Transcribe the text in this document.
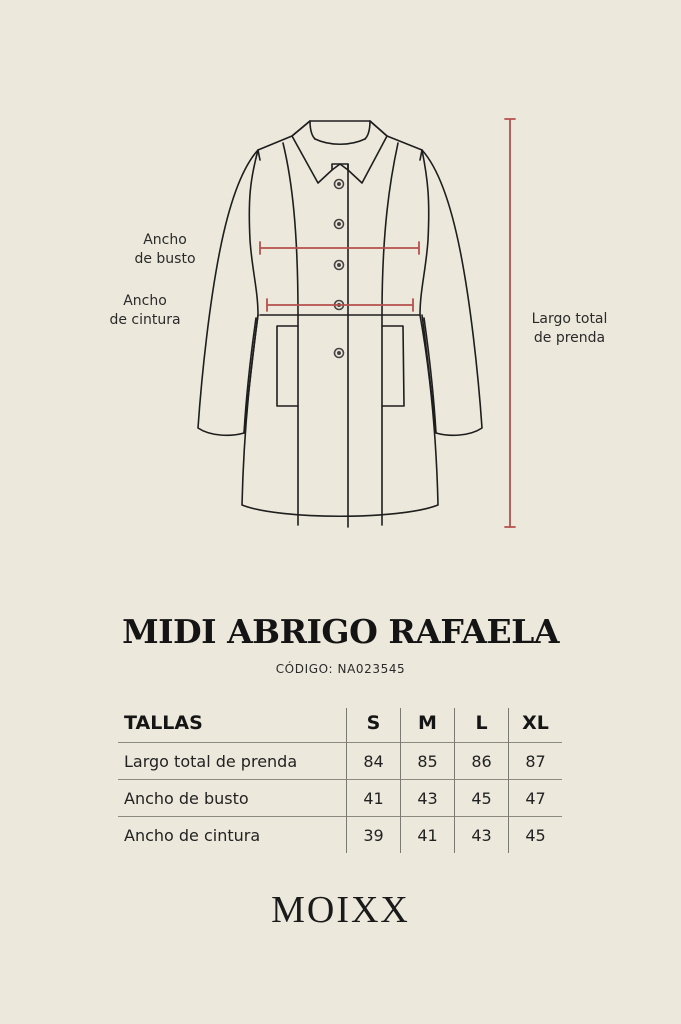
Ancho
de busto
Ancho
de cintura	Largo total
de prenda
MIDI ABRIGO RAFAELA
CÓDIGO: NA023545
TALLAS	S	M	L	XL
Largo total de prenda	84	85	86	87
Ancho de busto	41	43	45	47
Ancho de cintura	39	41	43	45
MOIXX
